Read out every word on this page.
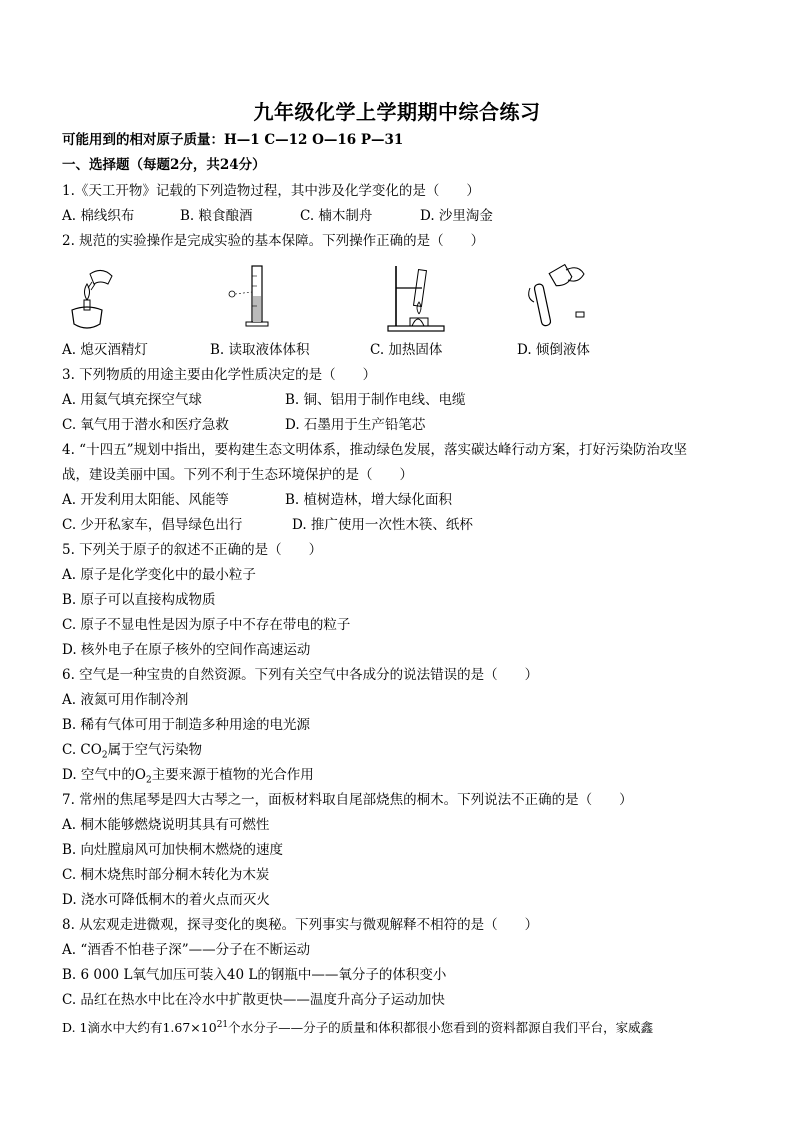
九年级化学上学期期中综合练习
可能用到的相对原子质量：H—1 C—12 O—16 P—31
一、选择题（每题2分，共24分）
1.《天工开物》记载的下列造物过程，其中涉及化学变化的是（　　）
A. 棉线织布	B. 粮食酿酒	C. 楠木制舟	D. 沙里淘金
2. 规范的实验操作是完成实验的基本保障。下列操作正确的是（　　）
A. 熄灭酒精灯	B. 读取液体体积	C. 加热固体	D. 倾倒液体
3. 下列物质的用途主要由化学性质决定的是（　　）
A. 用氦气填充探空气球	B. 铜、铝用于制作电线、电缆
C. 氧气用于潜水和医疗急救	D. 石墨用于生产铅笔芯
4. “十四五”规划中指出，要构建生态文明体系，推动绿色发展，落实碳达峰行动方案，打好污染防治攻坚
战，建设美丽中国。下列不利于生态环境保护的是（　　）
A. 开发利用太阳能、风能等	B. 植树造林，增大绿化面积
C. 少开私家车，倡导绿色出行	D. 推广使用一次性木筷、纸杯
5. 下列关于原子的叙述不正确的是（　　）
A. 原子是化学变化中的最小粒子
B. 原子可以直接构成物质
C. 原子不显电性是因为原子中不存在带电的粒子
D. 核外电子在原子核外的空间作高速运动
6. 空气是一种宝贵的自然资源。下列有关空气中各成分的说法错误的是（　　）
A. 液氮可用作制冷剂
B. 稀有气体可用于制造多种用途的电光源
C. $CO_2$属于空气污染物
D. 空气中的$O_2$主要来源于植物的光合作用
7. 常州的焦尾琴是四大古琴之一，面板材料取自尾部烧焦的桐木。下列说法不正确的是（　　）
A. 桐木能够燃烧说明其具有可燃性
B. 向灶膛扇风可加快桐木燃烧的速度
C. 桐木烧焦时部分桐木转化为木炭
D. 浇水可降低桐木的着火点而灭火
8. 从宏观走进微观，探寻变化的奥秘。下列事实与微观解释不相符的是（　　）
A. “酒香不怕巷子深”——分子在不断运动
B. 6 000 L氧气加压可装入40 L的钢瓶中——氧分子的体积变小
C. 品红在热水中比在冷水中扩散更快——温度升高分子运动加快
D. 1滴水中大约有$1.67\times 10^{21}$个水分子——分子的质量和体积都很小您看到的资料都源自我们平台，家威鑫
